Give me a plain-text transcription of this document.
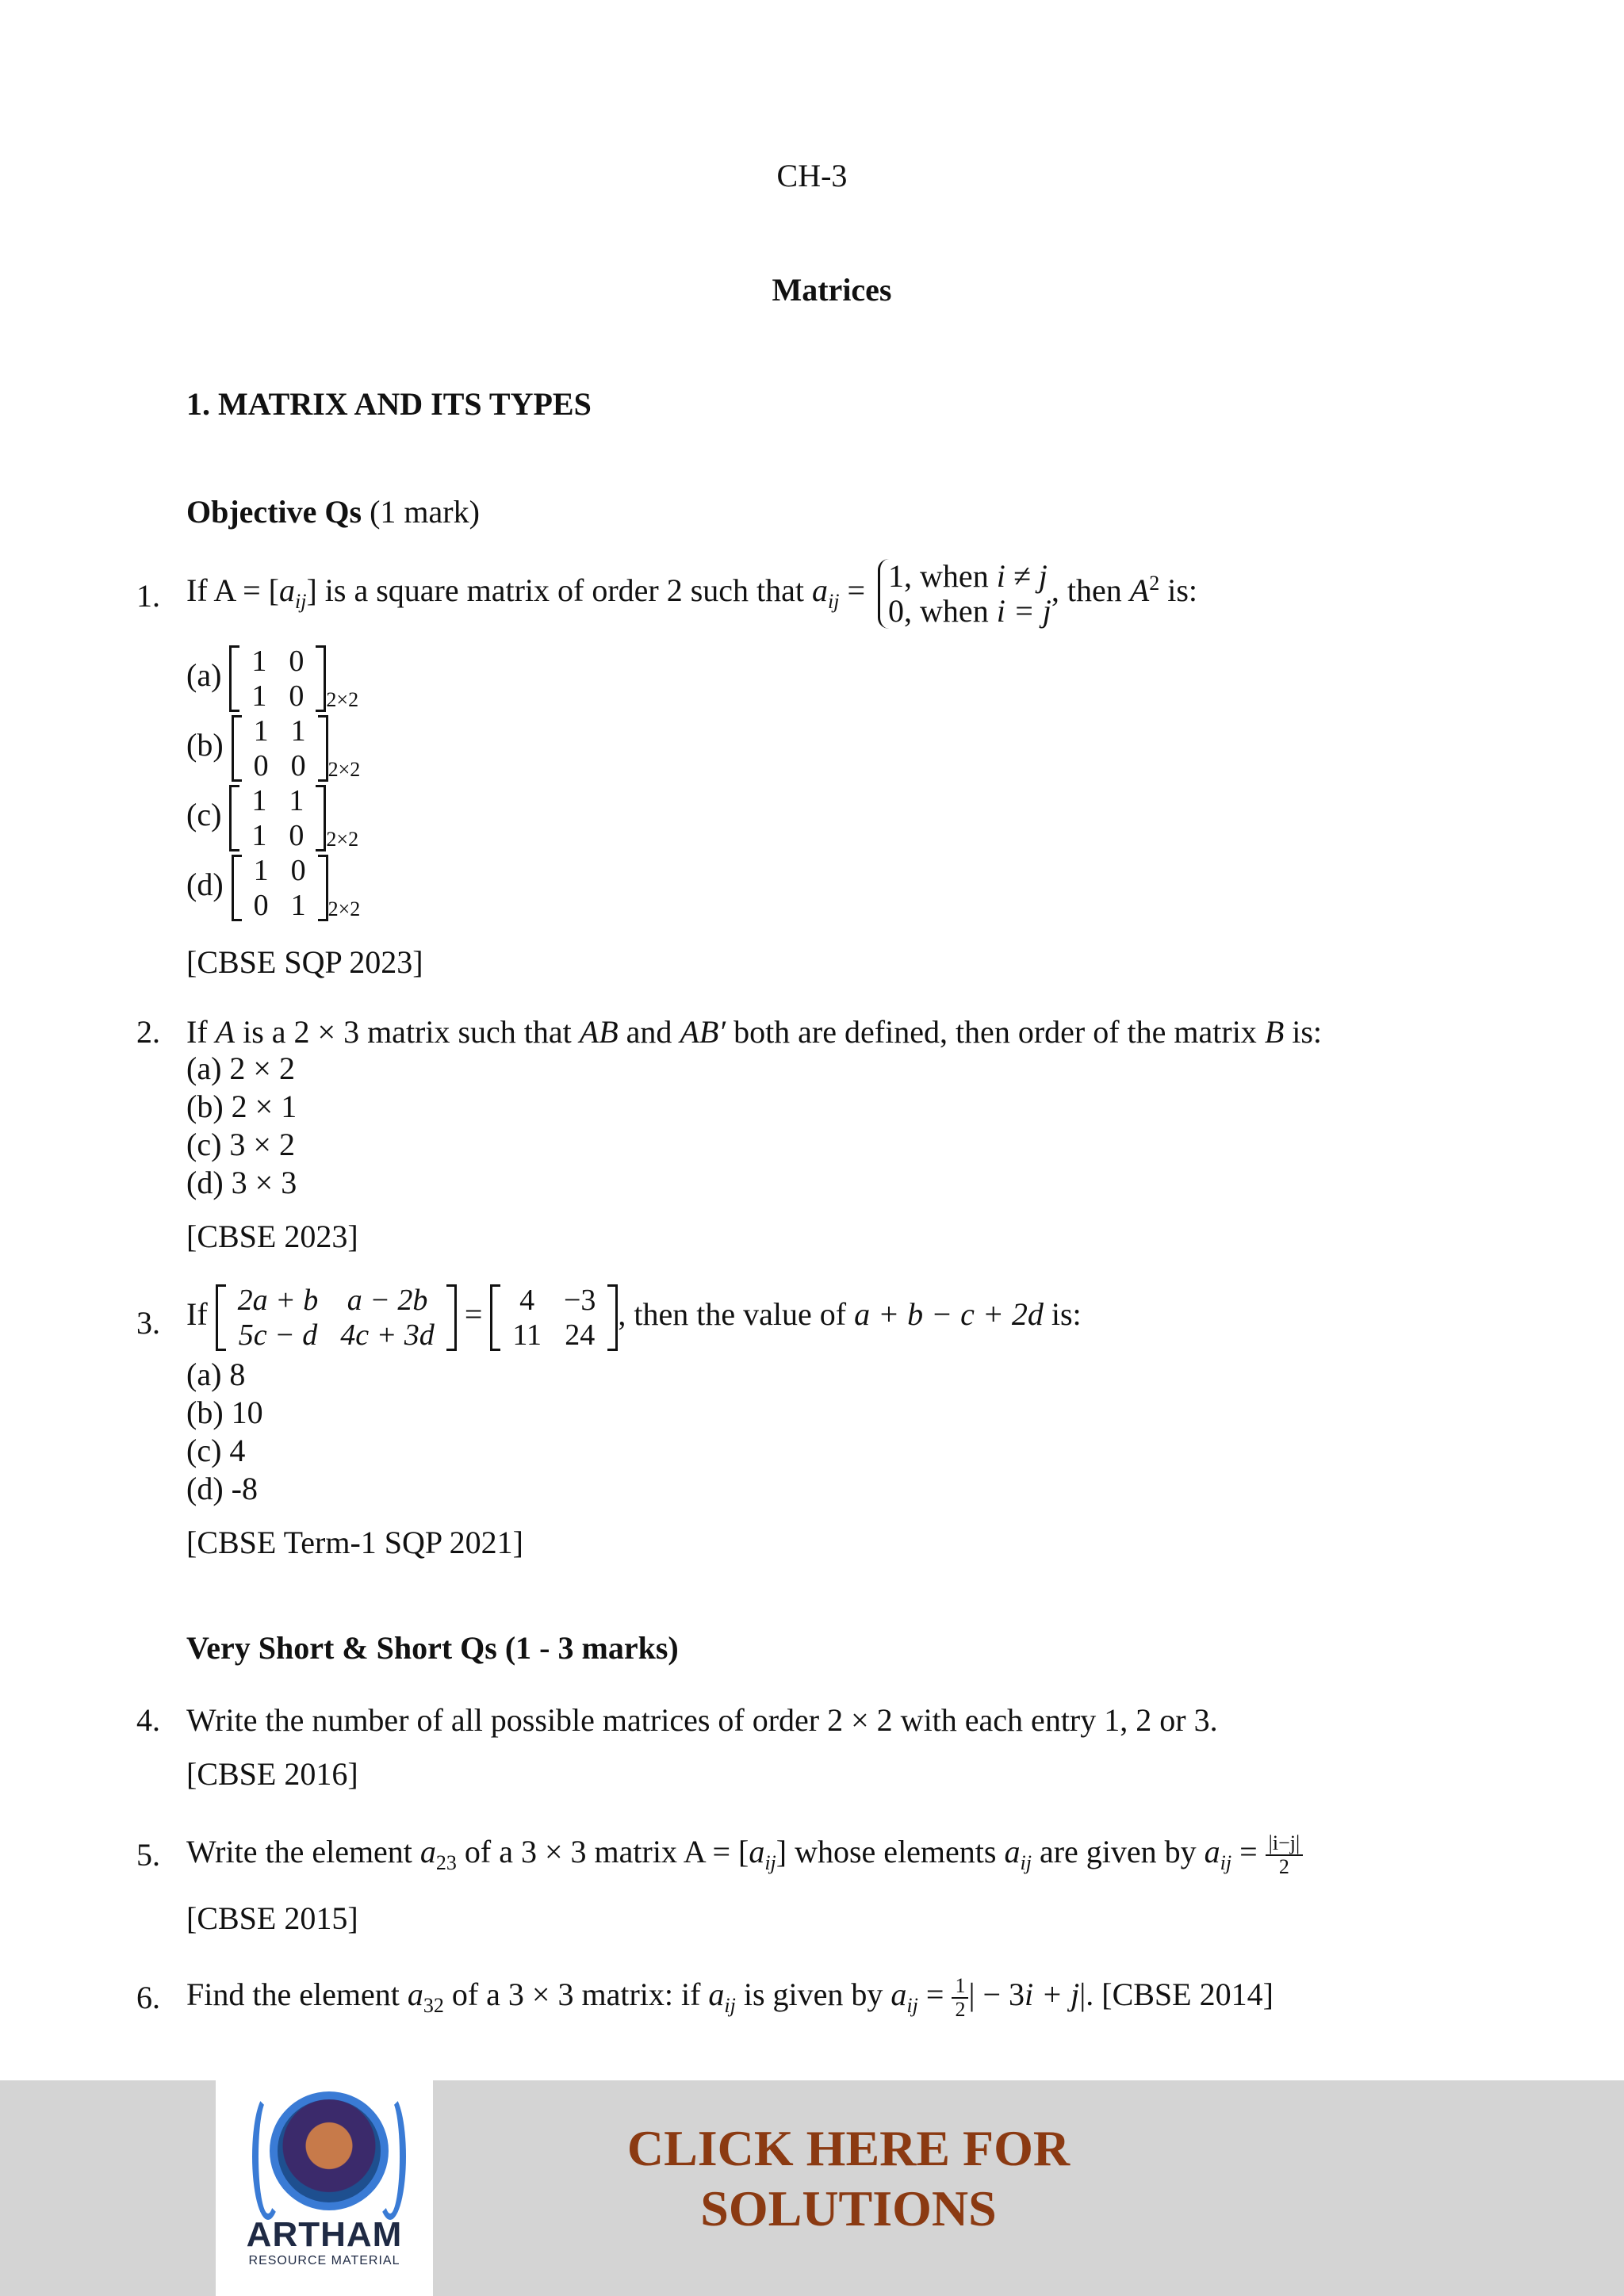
CH-3
Matrices
1. MATRIX AND ITS TYPES
Objective Qs (1 mark)
1. If $A = [a_{ij}]$ is a square matrix of order 2 such that $a_{ij} = 1$, when i ≠ j
0, when i = j, then $A^2$ is:
(a) 1	0
1	0 $_{2\times 2}$
(b) 1	1
0	0 $_{2\times 2}$
(c) 1	1
1	0 $_{2\times 2}$
(d) 1	0
0	1 $_{2\times 2}$
[CBSE SQP 2023]
2. If A is a 2 × 3 matrix such that AB and AB′ both are defined, then order of the matrix B is:
(a) 2 × 2
(b) 2 × 1
(c) 3 × 2
(d) 3 × 3
[CBSE 2023]
3. If 2a + b	a − 2b
5c − d	4c + 3d
= 4	−3
11	24
, then the value of a + b − c + 2d is:
(a) 8
(b) 10
(c) 4
(d) -8
[CBSE Term-1 SQP 2021]
Very Short & Short Qs (1 - 3 marks)
4. Write the number of all possible matrices of order 2 × 2 with each entry 1, 2 or 3.
[CBSE 2016]
5. Write the element $a_{23}$ of a 3 × 3 matrix $A = [a_{ij}]$ whose elements $a_{ij}$ are given by $a_{ij} = \frac{|i-j|}{2}$
[CBSE 2015]
6. Find the element $a_{32}$ of a 3 × 3 matrix: if $a_{ij}$ is given by $a_{ij} = \frac{1}{2}$ | − 3i + j|. [CBSE 2014]
ARTHAM
RESOURCE MATERIAL
CLICK HERE FOR
SOLUTIONS
